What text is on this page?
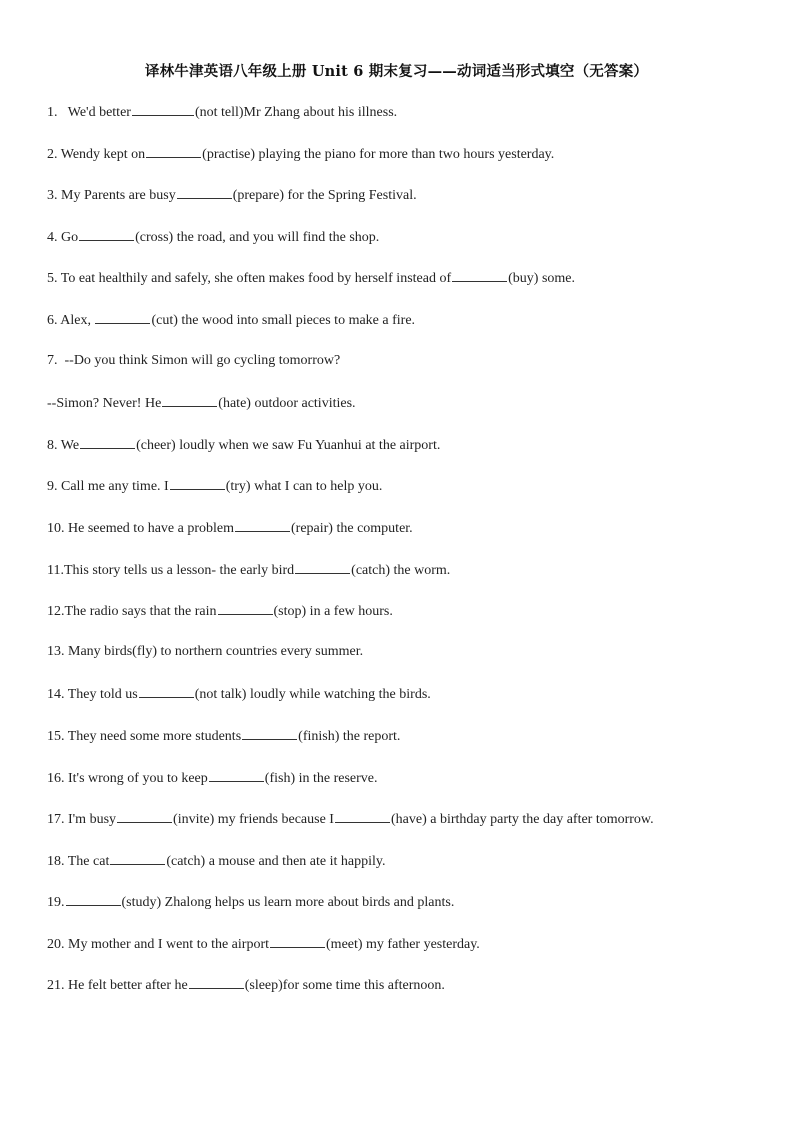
译林牛津英语八年级上册 Unit 6 期末复习——动词适当形式填空（无答案）
1.   We'd better	(not tell)Mr Zhang about his illness.
2. Wendy kept on	(practise) playing the piano for more than two hours yesterday.
3. My Parents are busy	(prepare) for the Spring Festival.
4. Go	(cross) the road, and you will find the shop.
5. To eat healthily and safely, she often makes food by herself instead of	(buy) some.
6. Alex,	(cut) the wood into small pieces to make a fire.
7.  --Do you think Simon will go cycling tomorrow?
--Simon? Never! He	(hate) outdoor activities.
8. We	(cheer) loudly when we saw Fu Yuanhui at the airport.
9. Call me any time. I	(try) what I can to help you.
10. He seemed to have a problem	(repair) the computer.
11.This story tells us a lesson- the early bird	(catch) the worm.
12.The radio says that the rain	(stop) in a few hours.
13. Many birds(fly) to northern countries every summer.
14. They told us	(not talk) loudly while watching the birds.
15. They need some more students	(finish) the report.
16. It's wrong of you to keep	(fish) in the reserve.
17. I'm busy	(invite) my friends because I	(have) a birthday party the day after tomorrow.
18. The cat	(catch) a mouse and then ate it happily.
19.	(study) Zhalong helps us learn more about birds and plants.
20. My mother and I went to the airport	(meet) my father yesterday.
21. He felt better after he	(sleep)for some time this afternoon.
